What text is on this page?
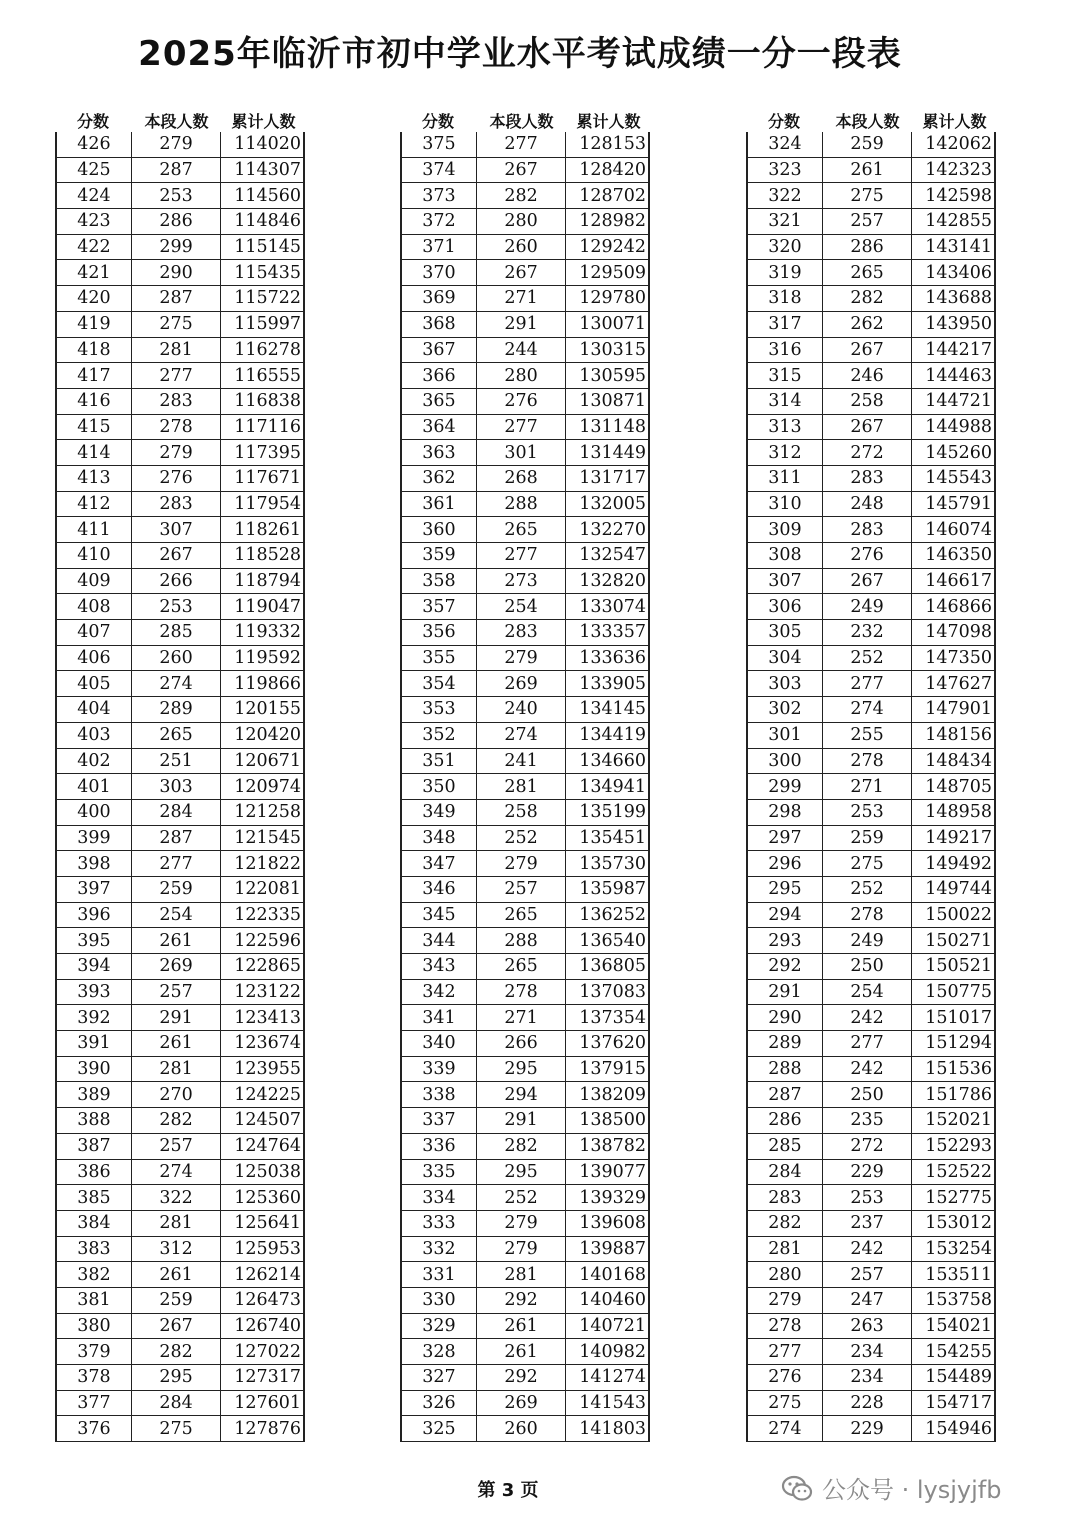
2025年临沂市初中学业水平考试成绩一分一段表
分数	本段人数	累计人数
426	279	114020
425	287	114307
424	253	114560
423	286	114846
422	299	115145
421	290	115435
420	287	115722
419	275	115997
418	281	116278
417	277	116555
416	283	116838
415	278	117116
414	279	117395
413	276	117671
412	283	117954
411	307	118261
410	267	118528
409	266	118794
408	253	119047
407	285	119332
406	260	119592
405	274	119866
404	289	120155
403	265	120420
402	251	120671
401	303	120974
400	284	121258
399	287	121545
398	277	121822
397	259	122081
396	254	122335
395	261	122596
394	269	122865
393	257	123122
392	291	123413
391	261	123674
390	281	123955
389	270	124225
388	282	124507
387	257	124764
386	274	125038
385	322	125360
384	281	125641
383	312	125953
382	261	126214
381	259	126473
380	267	126740
379	282	127022
378	295	127317
377	284	127601
376	275	127876
分数	本段人数	累计人数
375	277	128153
374	267	128420
373	282	128702
372	280	128982
371	260	129242
370	267	129509
369	271	129780
368	291	130071
367	244	130315
366	280	130595
365	276	130871
364	277	131148
363	301	131449
362	268	131717
361	288	132005
360	265	132270
359	277	132547
358	273	132820
357	254	133074
356	283	133357
355	279	133636
354	269	133905
353	240	134145
352	274	134419
351	241	134660
350	281	134941
349	258	135199
348	252	135451
347	279	135730
346	257	135987
345	265	136252
344	288	136540
343	265	136805
342	278	137083
341	271	137354
340	266	137620
339	295	137915
338	294	138209
337	291	138500
336	282	138782
335	295	139077
334	252	139329
333	279	139608
332	279	139887
331	281	140168
330	292	140460
329	261	140721
328	261	140982
327	292	141274
326	269	141543
325	260	141803
分数	本段人数	累计人数
324	259	142062
323	261	142323
322	275	142598
321	257	142855
320	286	143141
319	265	143406
318	282	143688
317	262	143950
316	267	144217
315	246	144463
314	258	144721
313	267	144988
312	272	145260
311	283	145543
310	248	145791
309	283	146074
308	276	146350
307	267	146617
306	249	146866
305	232	147098
304	252	147350
303	277	147627
302	274	147901
301	255	148156
300	278	148434
299	271	148705
298	253	148958
297	259	149217
296	275	149492
295	252	149744
294	278	150022
293	249	150271
292	250	150521
291	254	150775
290	242	151017
289	277	151294
288	242	151536
287	250	151786
286	235	152021
285	272	152293
284	229	152522
283	253	152775
282	237	153012
281	242	153254
280	257	153511
279	247	153758
278	263	154021
277	234	154255
276	234	154489
275	228	154717
274	229	154946
第 3 页	公众号 · lysjyjfb
